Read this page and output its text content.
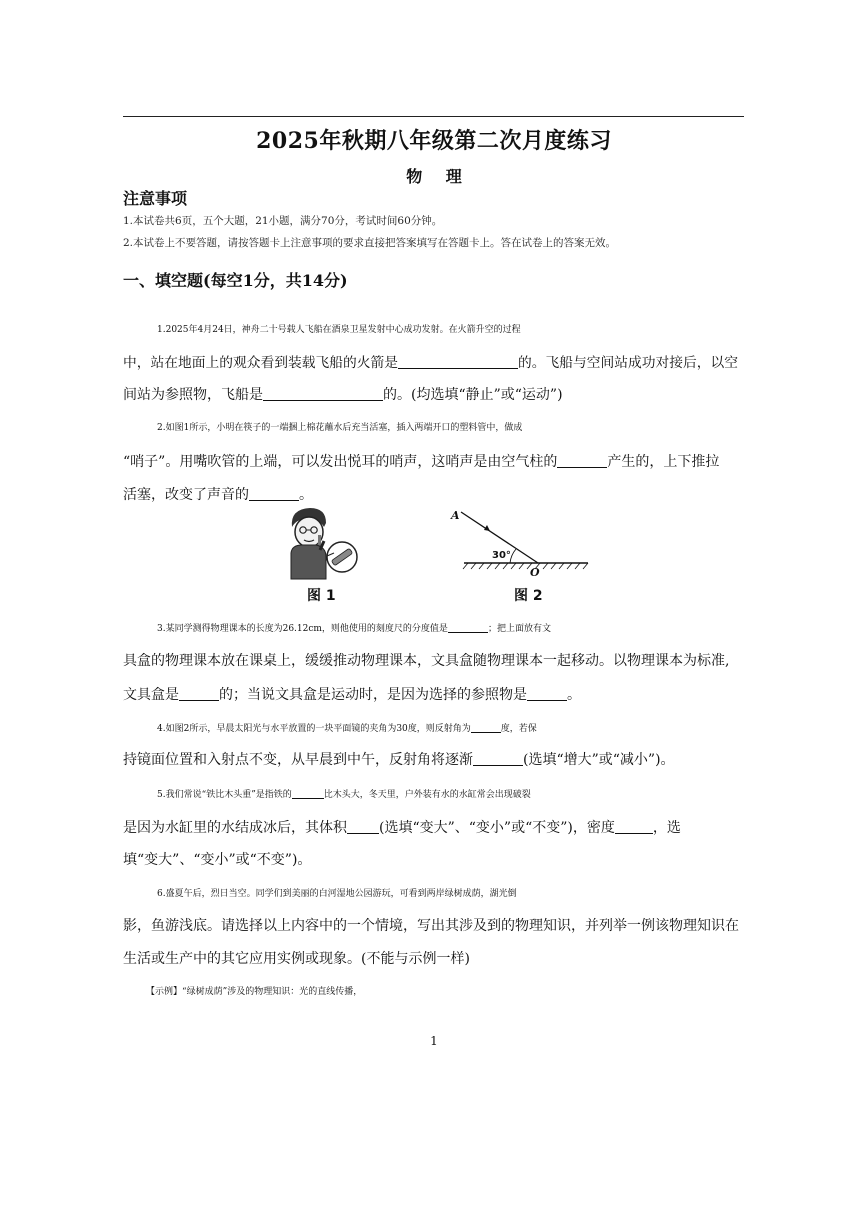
2025年秋期八年级第二次月度练习
物 理
注意事项
1.本试卷共6页，五个大题，21小题，满分70分，考试时间60分钟。
2.本试卷上不要答题，请按答题卡上注意事项的要求直接把答案填写在答题卡上。答在试卷上的答案无效。
一、填空题(每空1分，共14分)
1.2025年4月24日，神舟二十号载人飞船在酒泉卫星发射中心成功发射。在火箭升空的过程
中，站在地面上的观众看到装载飞船的火箭是	的。飞船与空间站成功对接后，以空
间站为参照物，飞船是	的。(均选填“静止”或“运动”)
2.如图1所示，小明在筷子的一端捆上棉花蘸水后充当活塞，插入两端开口的塑料管中，做成
“哨子”。用嘴吹管的上端，可以发出悦耳的哨声，这哨声是由空气柱的	产生的，上下推拉
活塞，改变了声音的	。
图 1
30°
A
O
图 2
3.某同学测得物理课本的长度为26.12cm，则他使用的刻度尺的分度值是	；把上面放有文
具盒的物理课本放在课桌上，缓缓推动物理课本，文具盒随物理课本一起移动。以物理课本为标准,
文具盒是	的；当说文具盒是运动时，是因为选择的参照物是	。
4.如图2所示，早晨太阳光与水平放置的一块平面镜的夹角为30度，则反射角为	度，若保
持镜面位置和入射点不变，从早晨到中午，反射角将逐渐	(选填“增大”或“减小”)。
5.我们常说“铁比木头重”是指铁的	比木头大，冬天里，户外装有水的水缸常会出现破裂
是因为水缸里的水结成冰后，其体积 (选填“变大”、“变小”或“不变”)，密度	，选
填“变大”、“变小”或“不变”)。
6.盛夏午后，烈日当空。同学们到美丽的白河湿地公园游玩，可看到两岸绿树成荫，湖光倒
影，鱼游浅底。请选择以上内容中的一个情境，写出其涉及到的物理知识，并列举一例该物理知识在
生活或生产中的其它应用实例或现象。(不能与示例一样)
【示例】“绿树成荫”涉及的物理知识：光的直线传播，
1
